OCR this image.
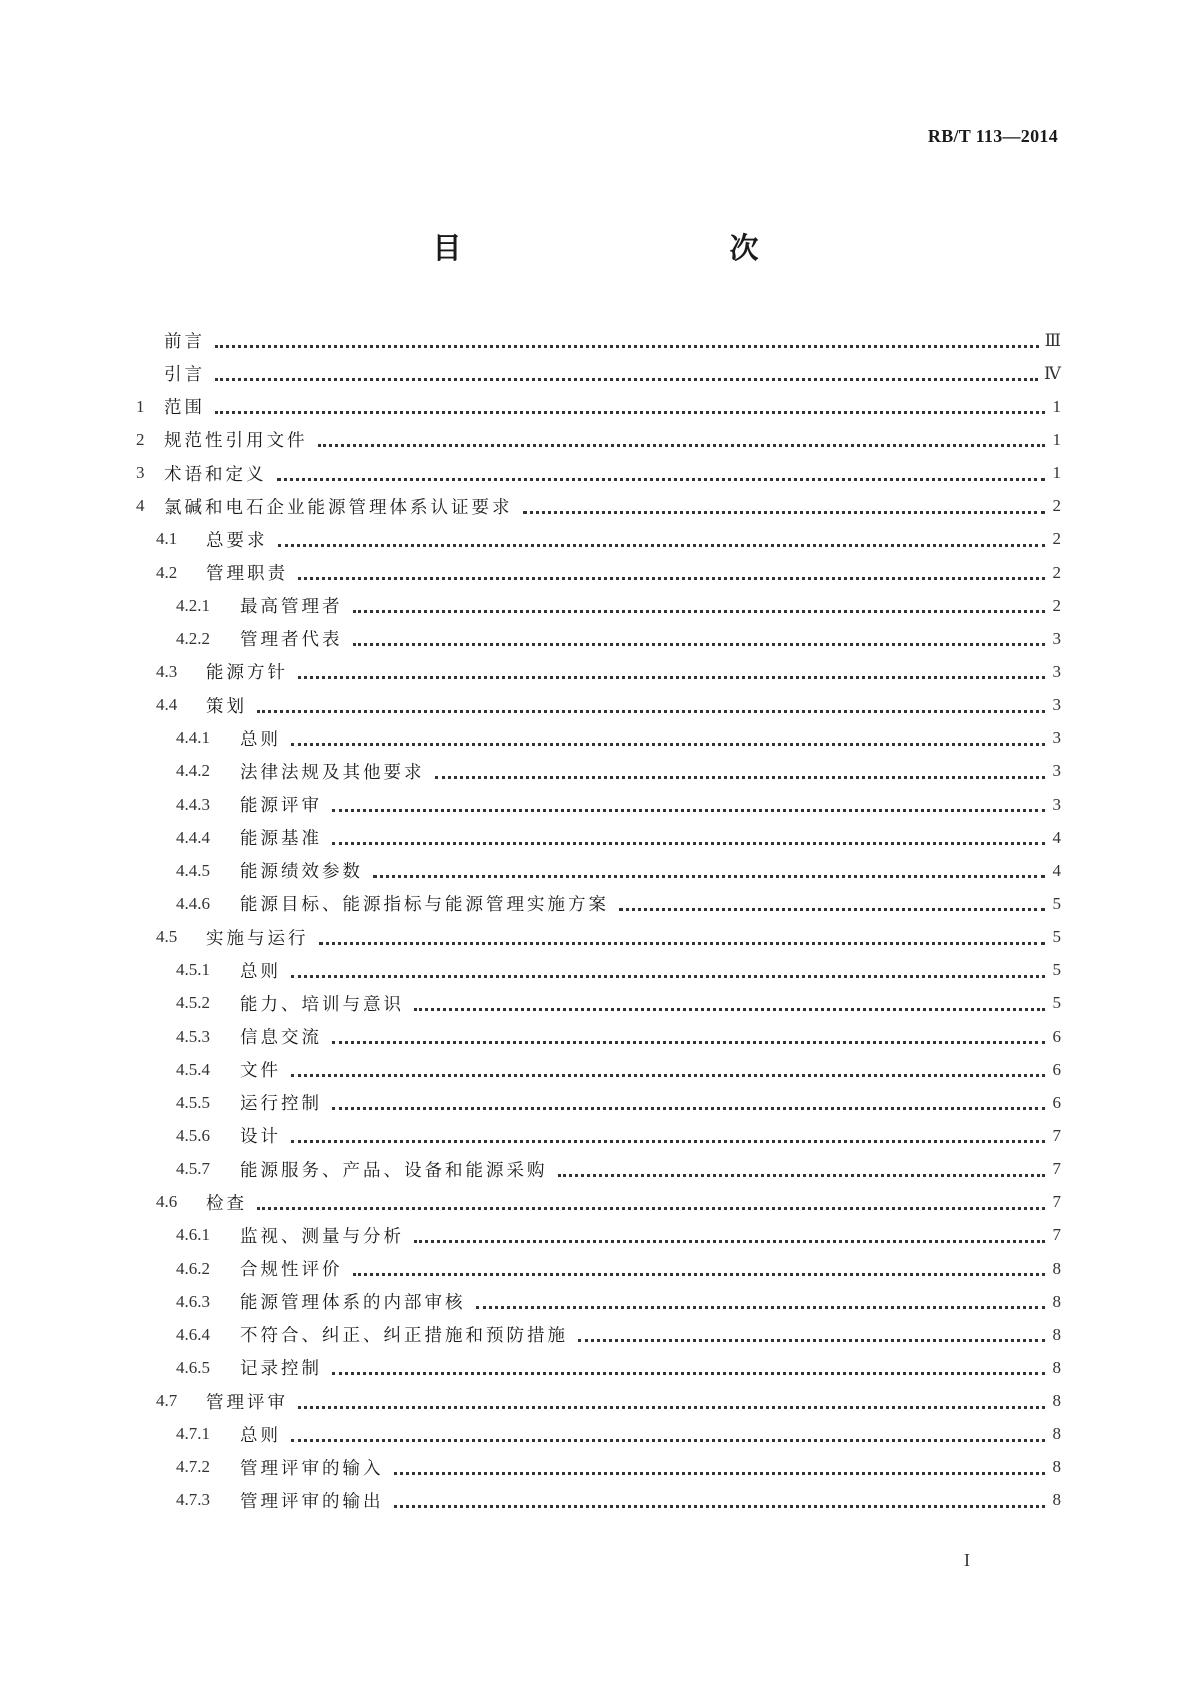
RB/T 113—2014
目　　次
前言	Ⅲ
引言	Ⅳ
1	范围	1
2	规范性引用文件	1
3	术语和定义	1
4	氯碱和电石企业能源管理体系认证要求	2
4.1	总要求	2
4.2	管理职责	2
4.2.1	最高管理者	2
4.2.2	管理者代表	3
4.3	能源方针	3
4.4	策划	3
4.4.1	总则	3
4.4.2	法律法规及其他要求	3
4.4.3	能源评审	3
4.4.4	能源基准	4
4.4.5	能源绩效参数	4
4.4.6	能源目标、能源指标与能源管理实施方案	5
4.5	实施与运行	5
4.5.1	总则	5
4.5.2	能力、培训与意识	5
4.5.3	信息交流	6
4.5.4	文件	6
4.5.5	运行控制	6
4.5.6	设计	7
4.5.7	能源服务、产品、设备和能源采购	7
4.6	检查	7
4.6.1	监视、测量与分析	7
4.6.2	合规性评价	8
4.6.3	能源管理体系的内部审核	8
4.6.4	不符合、纠正、纠正措施和预防措施	8
4.6.5	记录控制	8
4.7	管理评审	8
4.7.1	总则	8
4.7.2	管理评审的输入	8
4.7.3	管理评审的输出	8
I
